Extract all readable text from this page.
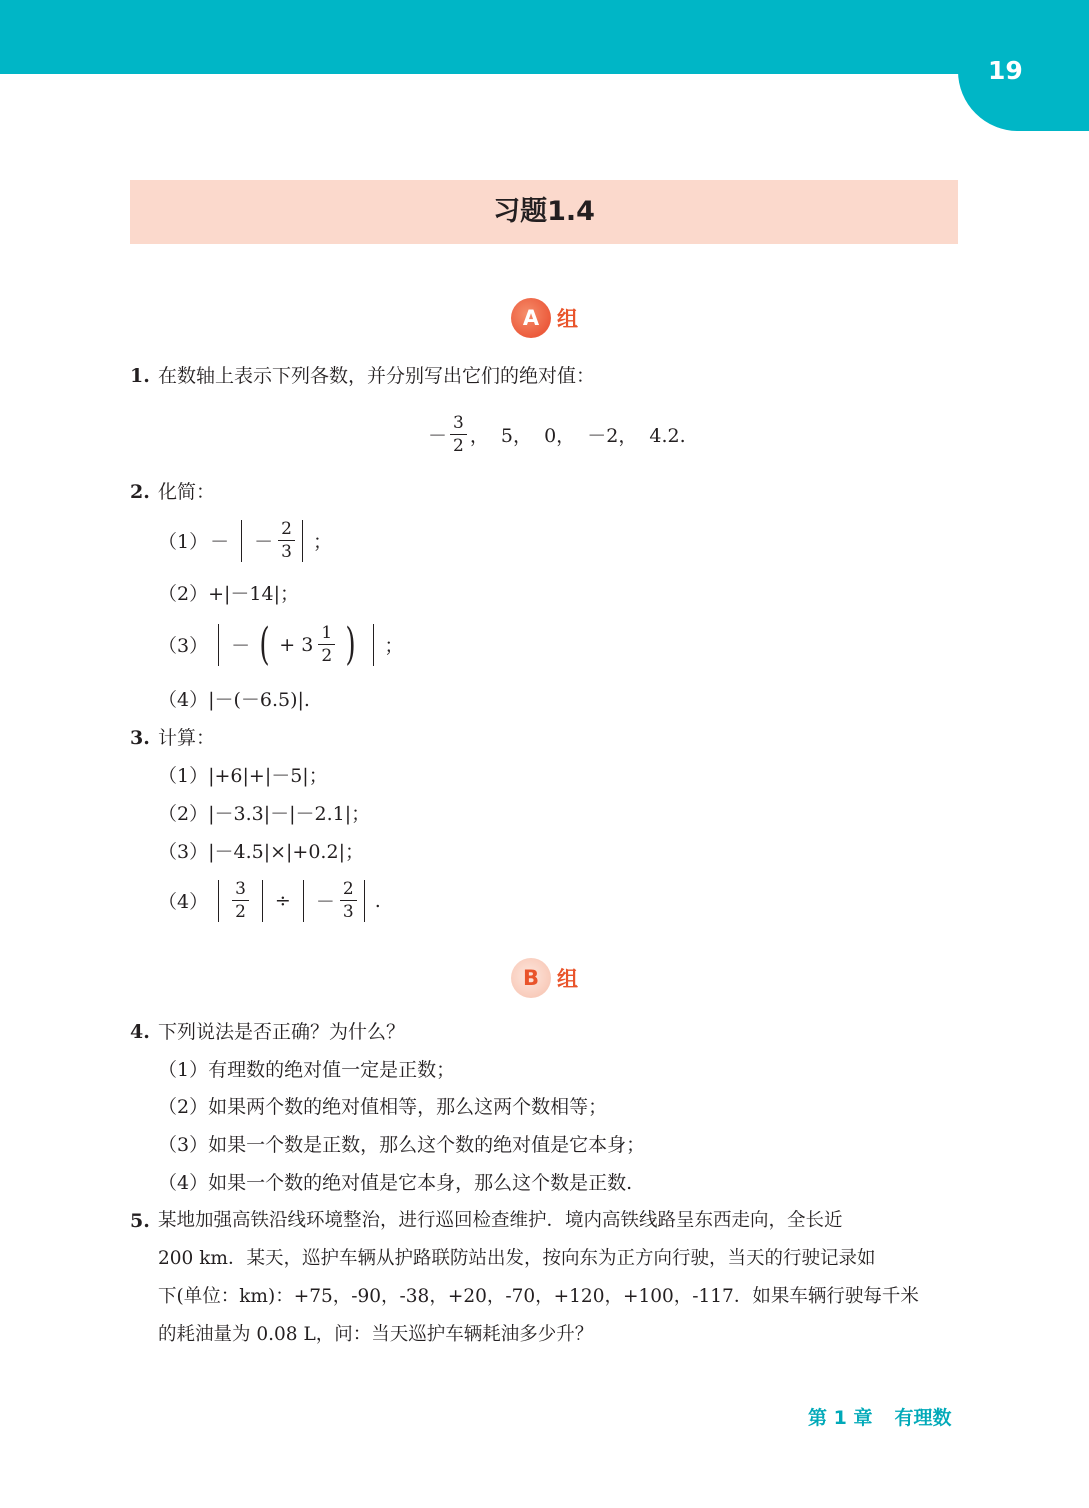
19
习题1.4
A 组
1. 在数轴上表示下列各数，并分别写出它们的绝对值：
－ $\frac{3}{2}$ ，  5，  0，  －2，  4.2.
2. 化简：
（1） － － $\frac{2}{3}$ ；
（2）+|－14|；
（3） － ( + $3 \frac{1}{2}$ ) ；
（4）|－(－6.5)|.
3. 计算：
（1）|+6|+|－5|；
（2）|－3.3|－|－2.1|；
（3）|－4.5|×|+0.2|；
$(4) \frac{3}{2}$ ÷ － $\frac{2}{3}$ .
B 组
4. 下列说法是否正确？为什么？
（1）有理数的绝对值一定是正数；
（2）如果两个数的绝对值相等，那么这两个数相等；
（3）如果一个数是正数，那么这个数的绝对值是它本身；
（4）如果一个数的绝对值是它本身，那么这个数是正数.
5. 某地加强高铁沿线环境整治，进行巡回检查维护．境内高铁线路呈东西走向，全长近
200 km．某天，巡护车辆从护路联防站出发，按向东为正方向行驶，当天的行驶记录如
下(单位：km)：+75，-90，-38，+20，-70，+120，+100，-117．如果车辆行驶每千米
的耗油量为 0.08 L，问：当天巡护车辆耗油多少升？
第 1 章 有理数
